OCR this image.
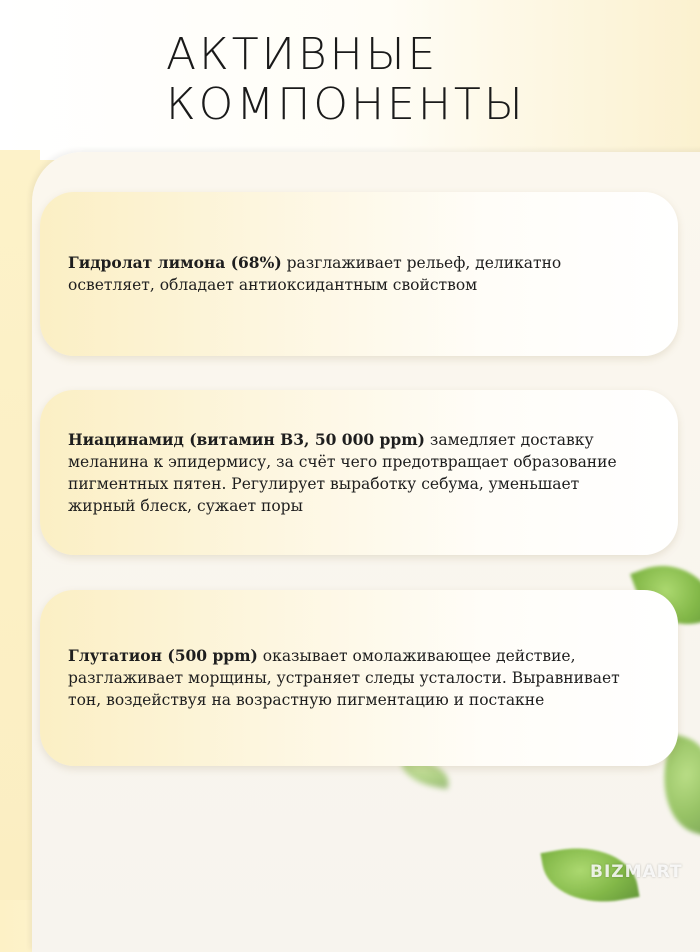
АКТИВНЫЕ
КОМПОНЕНТЫ

Гидролат лимона (68%) разглаживает рельеф, деликатно осветляет, обладает антиоксидантным свойством

Ниацинамид (витамин В3, 50 000 ppm) замедляет доставку меланина к эпидермису, за счёт чего предотвращает образование пигментных пятен. Регулирует выработку себума, уменьшает жирный блеск, сужает поры

Глутатион (500 ppm) оказывает омолаживающее действие, разглаживает морщины, устраняет следы усталости. Выравнивает тон, воздействуя на возрастную пигментацию и постакне

BIZMART
